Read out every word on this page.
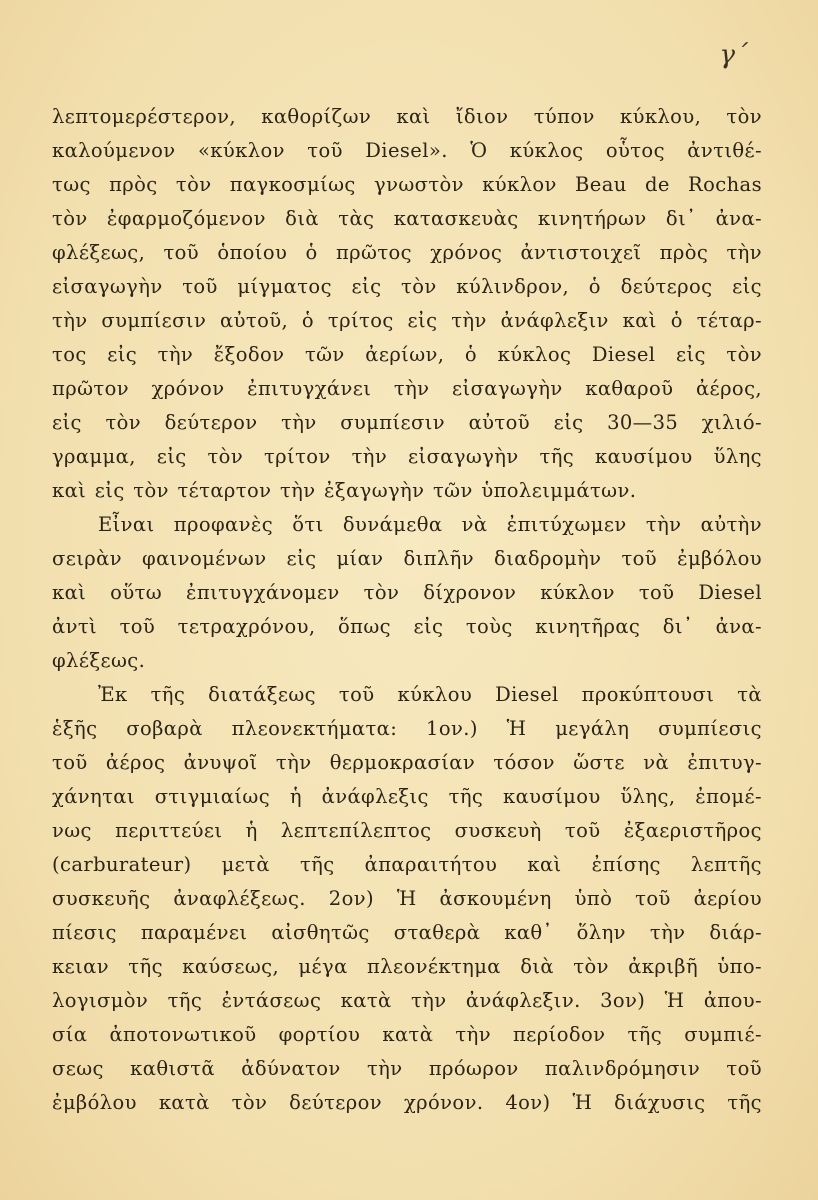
γ΄
λεπτομερέστερον, καθορίζων καὶ ἴδιον τύπον κύκλου, τὸν
καλούμενον «κύκλον τοῦ Diesel». Ὁ κύκλος οὗτος ἀντιθέ-
τως πρὸς τὸν παγκοσμίως γνωστὸν κύκλον Beau de Rochas
τὸν ἐφαρμοζόμενον διὰ τὰς κατασκευὰς κινητήρων δι᾽ ἀνα-
φλέξεως, τοῦ ὁποίου ὁ πρῶτος χρόνος ἀντιστοιχεῖ πρὸς τὴν
εἰσαγωγὴν τοῦ μίγματος εἰς τὸν κύλινδρον, ὁ δεύτερος εἰς
τὴν συμπίεσιν αὐτοῦ, ὁ τρίτος εἰς τὴν ἀνάφλεξιν καὶ ὁ τέταρ-
τος εἰς τὴν ἔξοδον τῶν ἀερίων, ὁ κύκλος Diesel εἰς τὸν
πρῶτον χρόνον ἐπιτυγχάνει τὴν εἰσαγωγὴν καθαροῦ ἀέρος,
εἰς τὸν δεύτερον τὴν συμπίεσιν αὐτοῦ εἰς 30—35 χιλιό-
γραμμα, εἰς τὸν τρίτον τὴν εἰσαγωγὴν τῆς καυσίμου ὕλης
καὶ εἰς τὸν τέταρτον τὴν ἐξαγωγὴν τῶν ὑπολειμμάτων.
Εἶναι προφανὲς ὅτι δυνάμεθα νὰ ἐπιτύχωμεν τὴν αὐτὴν
σειρὰν φαινομένων εἰς μίαν διπλῆν διαδρομὴν τοῦ ἐμβόλου
καὶ οὕτω ἐπιτυγχάνομεν τὸν δίχρονον κύκλον τοῦ Diesel
ἀντὶ τοῦ τετραχρόνου, ὅπως εἰς τοὺς κινητῆρας δι᾽ ἀνα-
φλέξεως.
Ἐκ τῆς διατάξεως τοῦ κύκλου Diesel προκύπτουσι τὰ
ἑξῆς σοβαρὰ πλεονεκτήματα: 1ον.) Ἡ μεγάλη συμπίεσις
τοῦ ἀέρος ἀνυψοῖ τὴν θερμοκρασίαν τόσον ὥστε νὰ ἐπιτυγ-
χάνηται στιγμιαίως ἡ ἀνάφλεξις τῆς καυσίμου ὕλης, ἐπομέ-
νως περιττεύει ἡ λεπτεπίλεπτος συσκευὴ τοῦ ἐξαεριστῆρος
(carburateur) μετὰ τῆς ἀπαραιτήτου καὶ ἐπίσης λεπτῆς
συσκευῆς ἀναφλέξεως. 2ον) Ἡ ἀσκουμένη ὑπὸ τοῦ ἀερίου
πίεσις παραμένει αἰσθητῶς σταθερὰ καθ᾽ ὅλην τὴν διάρ-
κειαν τῆς καύσεως, μέγα πλεονέκτημα διὰ τὸν ἀκριβῆ ὑπο-
λογισμὸν τῆς ἐντάσεως κατὰ τὴν ἀνάφλεξιν. 3ον) Ἡ ἀπου-
σία ἀποτονωτικοῦ φορτίου κατὰ τὴν περίοδον τῆς συμπιέ-
σεως καθιστᾶ ἀδύνατον τὴν πρόωρον παλινδρόμησιν τοῦ
ἐμβόλου κατὰ τὸν δεύτερον χρόνον. 4ον) Ἡ διάχυσις τῆς
